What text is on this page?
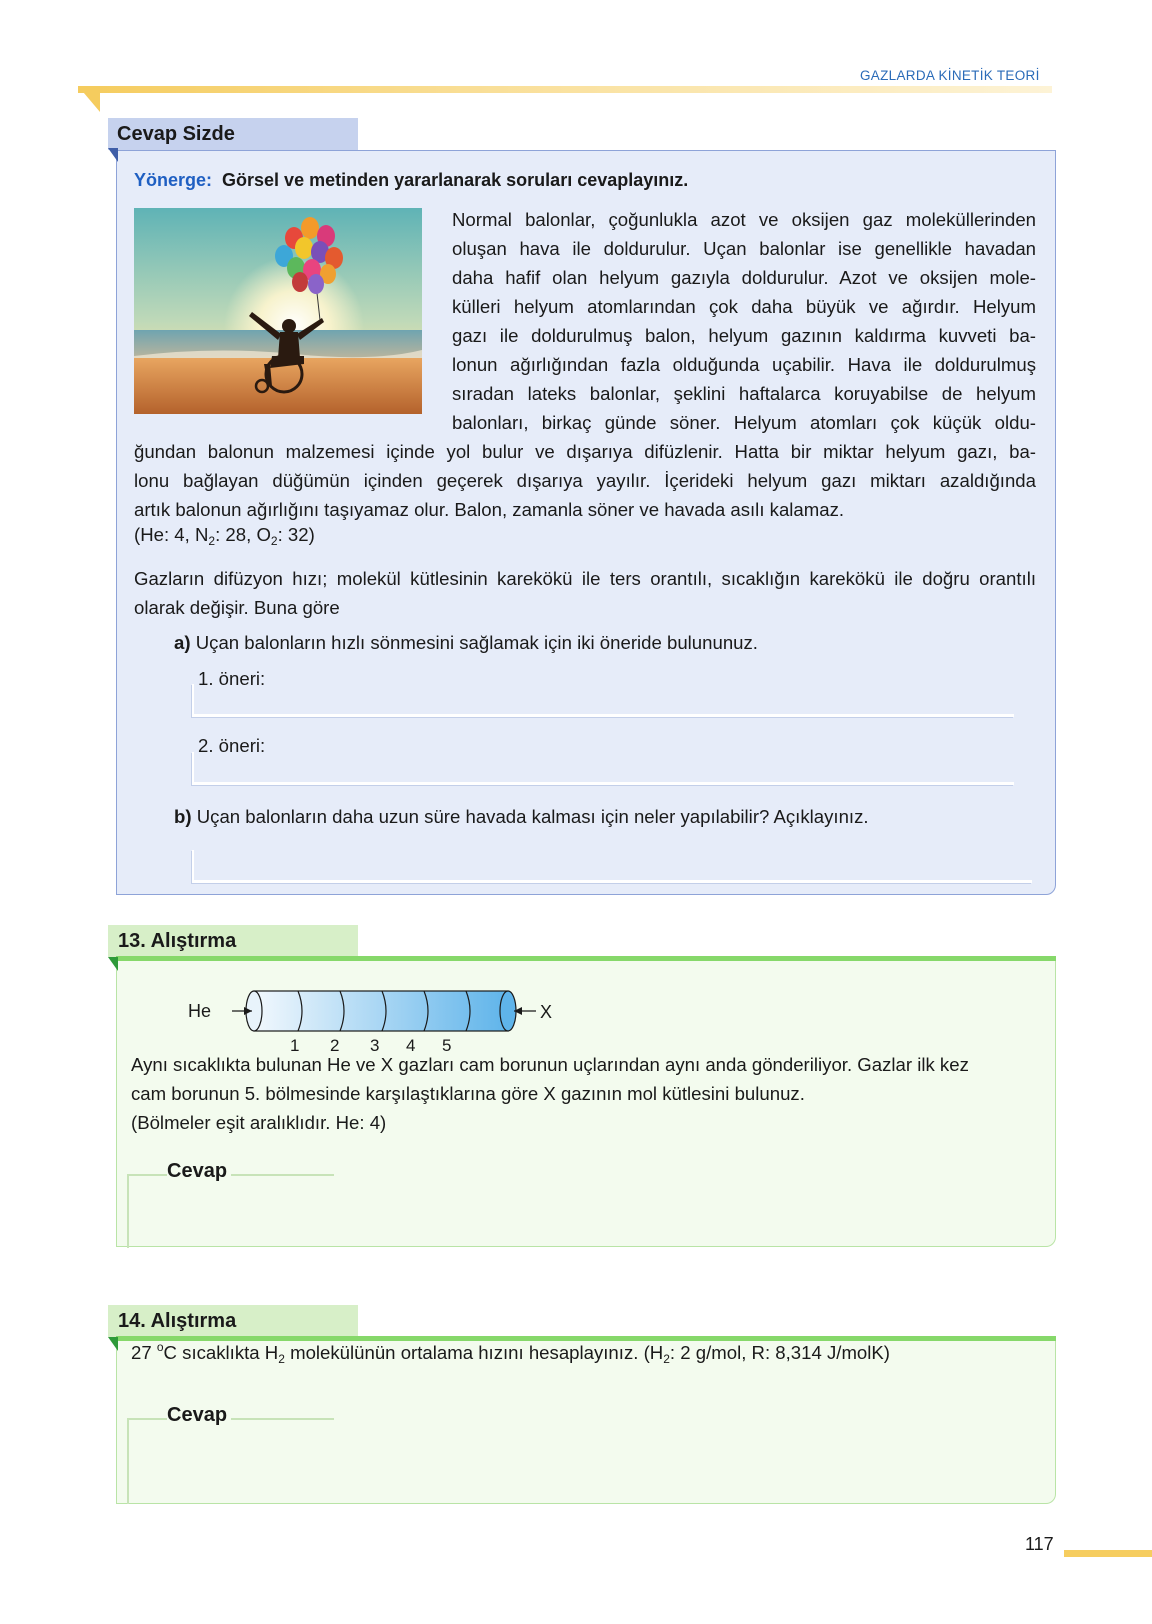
GAZLARDA KİNETİK TEORİ
Cevap Sizde
Yönerge: Görsel ve metinden yararlanarak soruları cevaplayınız.
Normal balonlar, çoğunlukla azot ve oksijen gaz moleküllerinden
oluşan hava ile doldurulur. Uçan balonlar ise genellikle havadan
daha hafif olan helyum gazıyla doldurulur. Azot ve oksijen mole-
külleri helyum atomlarından çok daha büyük ve ağırdır. Helyum
gazı ile doldurulmuş balon, helyum gazının kaldırma kuvveti ba-
lonun ağırlığından fazla olduğunda uçabilir. Hava ile doldurulmuş
sıradan lateks balonlar, şeklini haftalarca koruyabilse de helyum
balonları, birkaç günde söner. Helyum atomları çok küçük oldu-
ğundan balonun malzemesi içinde yol bulur ve dışarıya difüzlenir. Hatta bir miktar helyum gazı, ba-
lonu bağlayan düğümün içinden geçerek dışarıya yayılır. İçerideki helyum gazı miktarı azaldığında
artık balonun ağırlığını taşıyamaz olur. Balon, zamanla söner ve havada asılı kalamaz.
(He: 4, $N_2$: 28, $O_2$: 32)
Gazların difüzyon hızı; molekül kütlesinin karekökü ile ters orantılı, sıcaklığın karekökü ile doğru orantılı olarak değişir. Buna göre
a) Uçan balonların hızlı sönmesini sağlamak için iki öneride bulununuz.
1. öneri:
2. öneri:
b) Uçan balonların daha uzun süre havada kalması için neler yapılabilir? Açıklayınız.
13. Alıştırma
He	X
1 2 3 4 5
Aynı sıcaklıkta bulunan He ve X gazları cam borunun uçlarından aynı anda gönderiliyor. Gazlar ilk kez
cam borunun 5. bölmesinde karşılaştıklarına göre X gazının mol kütlesini bulunuz.
(Bölmeler eşit aralıklıdır. He: 4)
Cevap
14. Alıştırma
27 $^o$C sıcaklıkta $H_2$ molekülünün ortalama hızını hesaplayınız. ($H_2$: 2 g/mol, R: 8,314 J/molK)
Cevap
117
